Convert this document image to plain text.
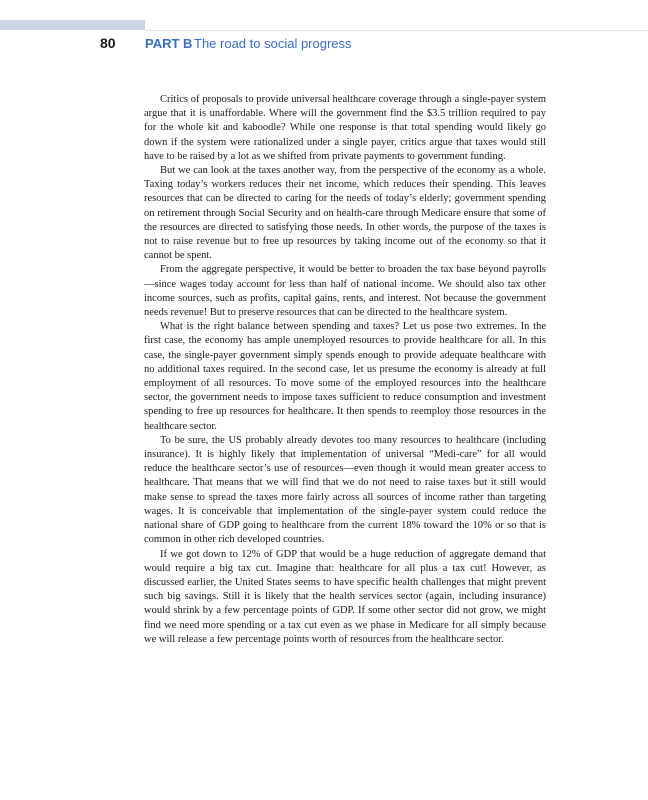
80 PART B The road to social progress

Critics of proposals to provide universal healthcare coverage through a single-payer system argue that it is unaffordable. Where will the government find the $3.5 trillion required to pay for the whole kit and kaboodle? While one response is that total spending would likely go down if the system were rationalized under a single payer, critics argue that taxes would still have to be raised by a lot as we shifted from private payments to government funding.

But we can look at the taxes another way, from the perspective of the economy as a whole. Taxing today’s workers reduces their net income, which reduces their spending. This leaves resources that can be directed to caring for the needs of today’s elderly; government spending on retirement through Social Security and on health-care through Medicare ensure that some of the resources are directed to satisfying those needs. In other words, the purpose of the taxes is not to raise revenue but to free up resources by taking income out of the economy so that it cannot be spent.

From the aggregate perspective, it would be better to broaden the tax base beyond payrolls—since wages today account for less than half of national income. We should also tax other income sources, such as profits, capital gains, rents, and interest. Not because the government needs revenue! But to preserve resources that can be directed to the healthcare system.

What is the right balance between spending and taxes? Let us pose two extremes. In the first case, the economy has ample unemployed resources to provide healthcare for all. In this case, the single-payer government simply spends enough to provide adequate healthcare with no additional taxes required. In the second case, let us presume the economy is already at full employment of all resources. To move some of the employed resources into the healthcare sector, the government needs to impose taxes sufficient to reduce consumption and investment spending to free up resources for healthcare. It then spends to reemploy those resources in the healthcare sector.

To be sure, the US probably already devotes too many resources to healthcare (including insurance). It is highly likely that implementation of universal “Medi-care” for all would reduce the healthcare sector’s use of resources—even though it would mean greater access to healthcare. That means that we will find that we do not need to raise taxes but it still would make sense to spread the taxes more fairly across all sources of income rather than targeting wages. It is conceivable that implementation of the single-payer system could reduce the national share of GDP going to healthcare from the current 18% toward the 10% or so that is common in other rich developed countries.

If we got down to 12% of GDP that would be a huge reduction of aggregate demand that would require a big tax cut. Imagine that: healthcare for all plus a tax cut! However, as discussed earlier, the United States seems to have specific health challenges that might prevent such big savings. Still it is likely that the health services sector (again, including insurance) would shrink by a few percentage points of GDP. If some other sector did not grow, we might find we need more spending or a tax cut even as we phase in Medicare for all simply because we will release a few percentage points worth of resources from the healthcare sector.
